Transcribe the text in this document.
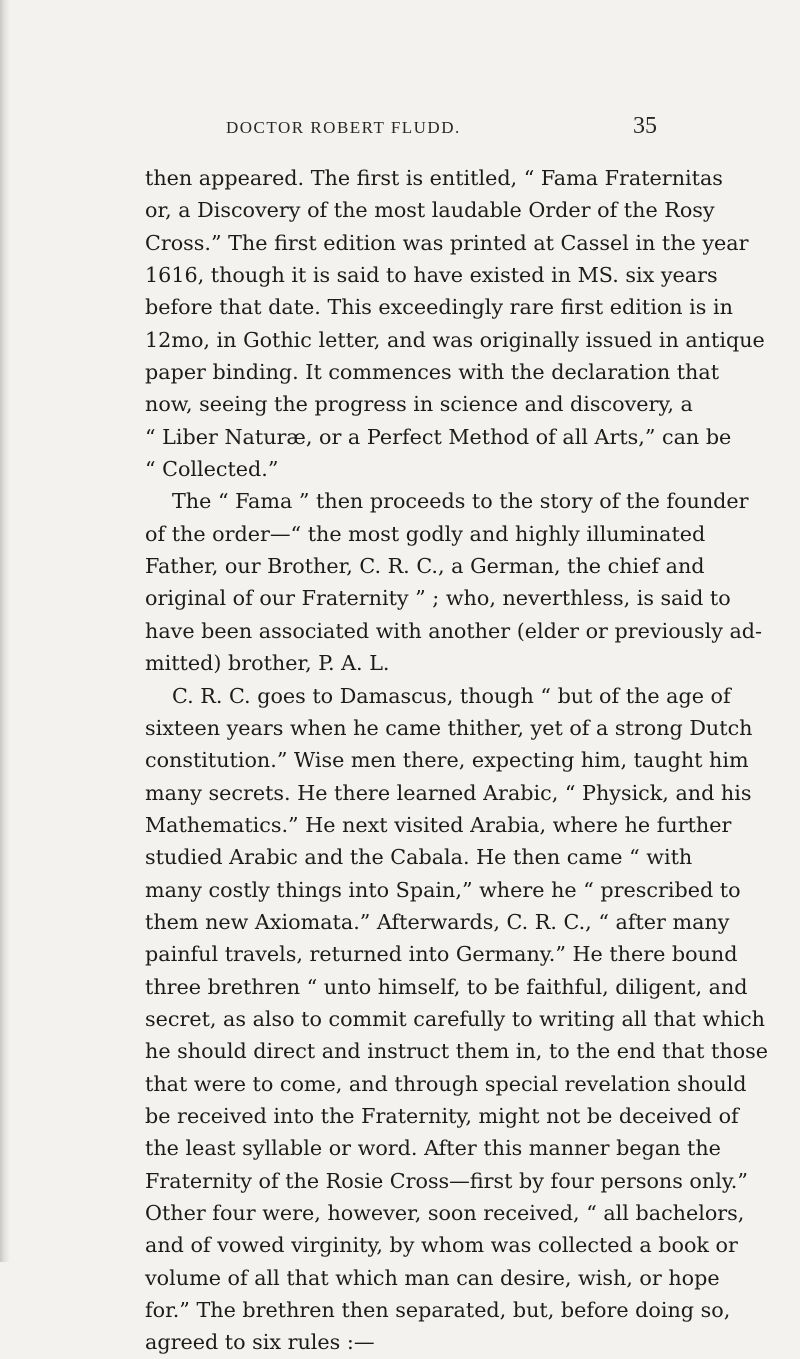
DOCTOR ROBERT FLUDD.	35
then appeared. The first is entitled, “ Fama Fraternitas
or, a Discovery of the most laudable Order of the Rosy
Cross.” The first edition was printed at Cassel in the year
1616, though it is said to have existed in MS. six years
before that date. This exceedingly rare first edition is in
12mo, in Gothic letter, and was originally issued in antique
paper binding. It commences with the declaration that
now, seeing the progress in science and discovery, a
“ Liber Naturæ, or a Perfect Method of all Arts,” can be
“ Collected.”
The “ Fama ” then proceeds to the story of the founder
of the order—“ the most godly and highly illuminated
Father, our Brother, C. R. C., a German, the chief and
original of our Fraternity ” ; who, neverthless, is said to
have been associated with another (elder or previously ad-
mitted) brother, P. A. L.
C. R. C. goes to Damascus, though “ but of the age of
sixteen years when he came thither, yet of a strong Dutch
constitution.” Wise men there, expecting him, taught him
many secrets. He there learned Arabic, “ Physick, and his
Mathematics.” He next visited Arabia, where he further
studied Arabic and the Cabala. He then came “ with
many costly things into Spain,” where he “ prescribed to
them new Axiomata.” Afterwards, C. R. C., “ after many
painful travels, returned into Germany.” He there bound
three brethren “ unto himself, to be faithful, diligent, and
secret, as also to commit carefully to writing all that which
he should direct and instruct them in, to the end that those
that were to come, and through special revelation should
be received into the Fraternity, might not be deceived of
the least syllable or word. After this manner began the
Fraternity of the Rosie Cross—first by four persons only.”
Other four were, however, soon received, “ all bachelors,
and of vowed virginity, by whom was collected a book or
volume of all that which man can desire, wish, or hope
for.” The brethren then separated, but, before doing so,
agreed to six rules :—
